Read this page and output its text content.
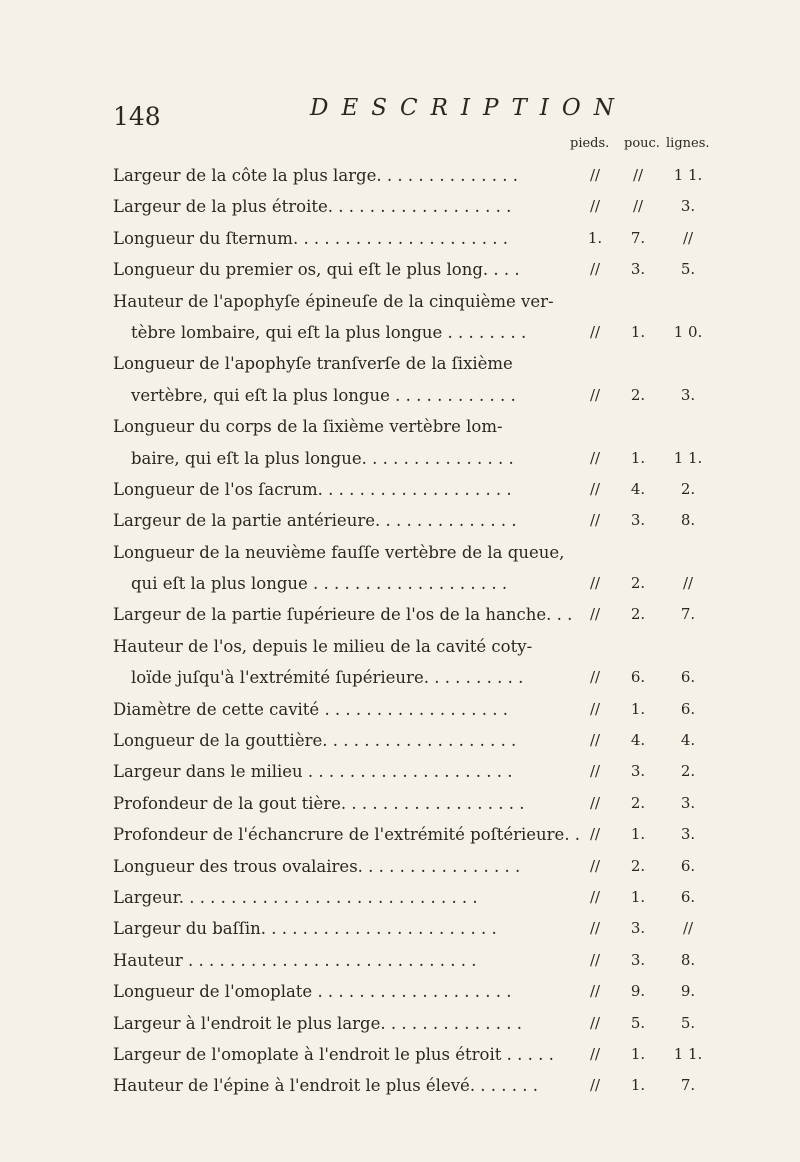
148	DESCRIPTION
pieds. pouc. lignes.
Largeur de la côte la plus large. . . . . . . . . . . . . .	//	//	1 1.
Largeur de la plus étroite. . . . . . . . . . . . . . . . . .	//	//	3.
Longueur du ſternum. . . . . . . . . . . . . . . . . . . . .	1.	7.	//
Longueur du premier os, qui eſt le plus long. . . .	//	3.	5.
Hauteur de l'apophyſe épineuſe de la cinquième ver-
tèbre lombaire, qui eſt la plus longue . . . . . . . .	//	1.	1 0.
Longueur de l'apophyſe tranſverſe de la ſixième
vertèbre, qui eſt la plus longue . . . . . . . . . . . .	//	2.	3.
Longueur du corps de la ſixième vertèbre lom-
baire, qui eſt la plus longue. . . . . . . . . . . . . . .	//	1.	1 1.
Longueur de l'os ſacrum. . . . . . . . . . . . . . . . . . .	//	4.	2.
Largeur de la partie antérieure. . . . . . . . . . . . . .	//	3.	8.
Longueur de la neuvième fauſſe vertèbre de la queue,
qui eſt la plus longue . . . . . . . . . . . . . . . . . . .	//	2.	//
Largeur de la partie ſupérieure de l'os de la hanche. . .	//	2.	7.
Hauteur de l'os, depuis le milieu de la cavité coty-
loïde juſqu'à l'extrémité ſupérieure. . . . . . . . . .	//	6.	6.
Diamètre de cette cavité . . . . . . . . . . . . . . . . . .	//	1.	6.
Longueur de la gouttière. . . . . . . . . . . . . . . . . . .	//	4.	4.
Largeur dans le milieu . . . . . . . . . . . . . . . . . . . .	//	3.	2.
Profondeur de la gout tière. . . . . . . . . . . . . . . . . .	//	2.	3.
Profondeur de l'échancrure de l'extrémité poſtérieure. . //	1.	3.
Longueur des trous ovalaires. . . . . . . . . . . . . . . .	//	2.	6.
Largeur. . . . . . . . . . . . . . . . . . . . . . . . . . . . .	//	1.	6.
Largeur du baſſin. . . . . . . . . . . . . . . . . . . . . . .	//	3.	//
Hauteur . . . . . . . . . . . . . . . . . . . . . . . . . . . .	//	3.	8.
Longueur de l'omoplate . . . . . . . . . . . . . . . . . . .	//	9.	9.
Largeur à l'endroit le plus large. . . . . . . . . . . . . .	//	5.	5.
Largeur de l'omoplate à l'endroit le plus étroit . . . . .	//	1.	1 1.
Hauteur de l'épine à l'endroit le plus élevé. . . . . . .	//	1.	7.
